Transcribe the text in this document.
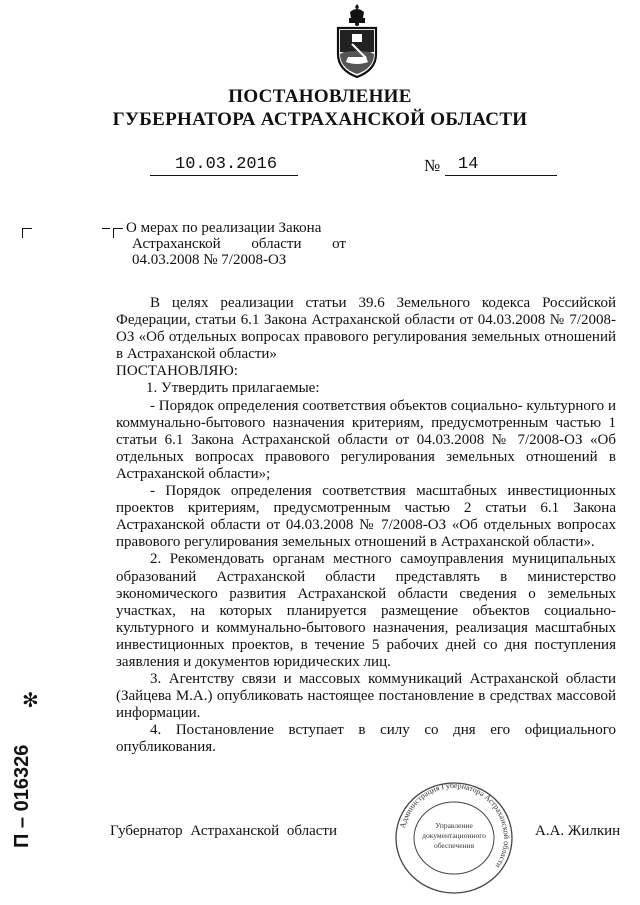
ПОСТАНОВЛЕНИЕ
ГУБЕРНАТОРА АСТРАХАНСКОЙ ОБЛАСТИ
10.03.2016	№ 14
О мерах по реализации Закона
Астраханской области от
04.03.2008 № 7/2008-ОЗ

В целях реализации статьи 39.6 Земельного кодекса Российской Федерации, статьи 6.1 Закона Астраханской области от 04.03.2008 № 7/2008-ОЗ «Об отдельных вопросах правового регулирования земельных отношений в Астраханской области»

ПОСТАНОВЛЯЮ:

1. Утвердить прилагаемые:

- Порядок определения соответствия объектов социально- культурного и коммунально-бытового назначения критериям, предусмотренным частью 1 статьи 6.1 Закона Астраханской области от 04.03.2008 № 7/2008-ОЗ «Об отдельных вопросах правового регулирования земельных отношений в Астраханской области»;

- Порядок определения соответствия масштабных инвестиционных проектов критериям, предусмотренным частью 2 статьи 6.1 Закона Астраханской области от 04.03.2008 № 7/2008-ОЗ «Об отдельных вопросах правового регулирования земельных отношений в Астраханской области».

2. Рекомендовать органам местного самоуправления муниципальных образований Астраханской области представлять в министерство экономического развития Астраханской области сведения о земельных участках, на которых планируется размещение объектов социально-культурного и коммунально-бытового назначения, реализация масштабных инвестиционных проектов, в течение 5 рабочих дней со дня поступления заявления и документов юридических лиц.

3. Агентству связи и массовых коммуникаций Астраханской области (Зайцева М.А.) опубликовать настоящее постановление в средствах массовой информации.

4. Постановление вступает в силу со дня его официального опубликования.

Губернатор Астраханской области	Администрация Губернатора Астраханской области
Управление
документационного
обеспечения
А.А. Жилкин
✻
П – 016326
